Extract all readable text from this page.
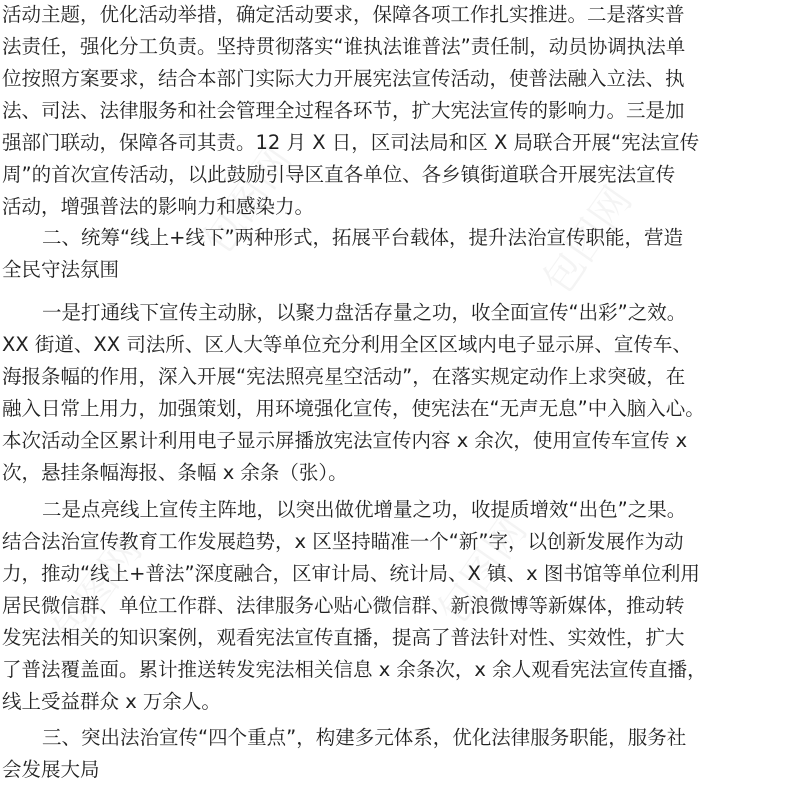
活动主题，优化活动举措，确定活动要求，保障各项工作扎实推进。二是落实普
法责任，强化分工负责。坚持贯彻落实“谁执法谁普法”责任制，动员协调执法单
位按照方案要求，结合本部门实际大力开展宪法宣传活动，使普法融入立法、执
法、司法、法律服务和社会管理全过程各环节，扩大宪法宣传的影响力。三是加
强部门联动，保障各司其责。12 月 X 日，区司法局和区 X 局联合开展“宪法宣传
周”的首次宣传活动，以此鼓励引导区直各单位、各乡镇街道联合开展宪法宣传
活动，增强普法的影响力和感染力。
二、统筹“线上+线下”两种形式，拓展平台载体，提升法治宣传职能，营造
全民守法氛围
一是打通线下宣传主动脉，以聚力盘活存量之功，收全面宣传“出彩”之效。
XX 街道、XX 司法所、区人大等单位充分利用全区区域内电子显示屏、宣传车、
海报条幅的作用，深入开展“宪法照亮星空活动”，在落实规定动作上求突破，在
融入日常上用力，加强策划，用环境强化宣传，使宪法在“无声无息”中入脑入心。
本次活动全区累计利用电子显示屏播放宪法宣传内容 x 余次，使用宣传车宣传 x
次，悬挂条幅海报、条幅 x 余条（张）。
二是点亮线上宣传主阵地，以突出做优增量之功，收提质增效“出色”之果。
结合法治宣传教育工作发展趋势，x 区坚持瞄准一个“新”字，以创新发展作为动
力，推动“线上+普法”深度融合，区审计局、统计局、X 镇、x 图书馆等单位利用
居民微信群、单位工作群、法律服务心贴心微信群、新浪微博等新媒体，推动转
发宪法相关的知识案例，观看宪法宣传直播，提高了普法针对性、实效性，扩大
了普法覆盖面。累计推送转发宪法相关信息 x 余条次，x 余人观看宪法宣传直播，
线上受益群众 x 万余人。
三、突出法治宣传“四个重点”，构建多元体系，优化法律服务职能，服务社
会发展大局
